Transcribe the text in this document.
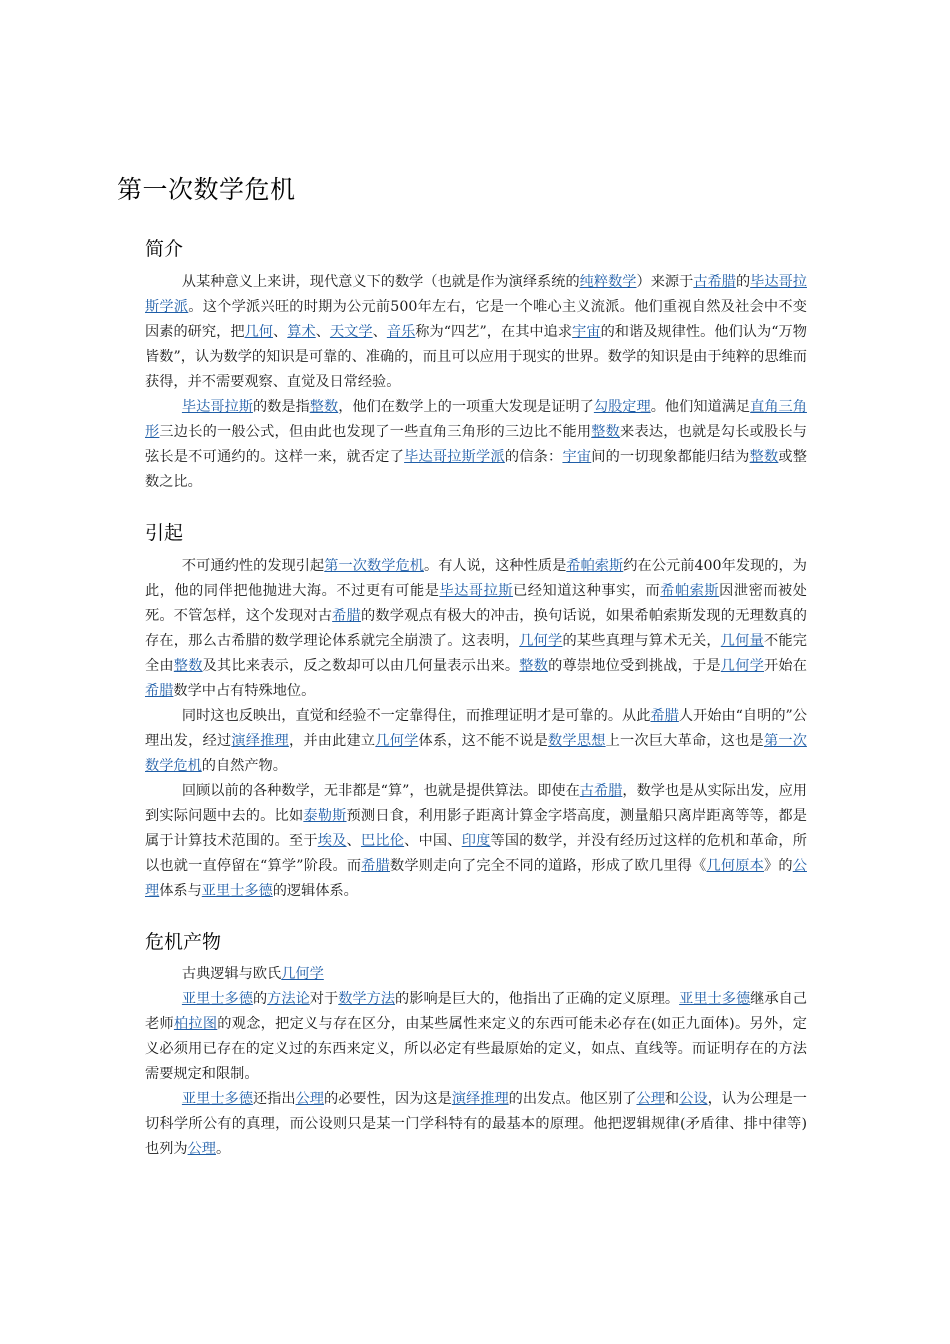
第一次数学危机
简介

从某种意义上来讲，现代意义下的数学（也就是作为演绎系统的纯粹数学）来源于古希腊的毕达哥拉斯学派。这个学派兴旺的时期为公元前500年左右，它是一个唯心主义流派。他们重视自然及社会中不变因素的研究，把几何、算术、天文学、音乐称为“四艺”，在其中追求宇宙的和谐及规律性。他们认为“万物皆数”，认为数学的知识是可靠的、准确的，而且可以应用于现实的世界。数学的知识是由于纯粹的思维而获得，并不需要观察、直觉及日常经验。

毕达哥拉斯的数是指整数，他们在数学上的一项重大发现是证明了勾股定理。他们知道满足直角三角形三边长的一般公式，但由此也发现了一些直角三角形的三边比不能用整数来表达，也就是勾长或股长与弦长是不可通约的。这样一来，就否定了毕达哥拉斯学派的信条：宇宙间的一切现象都能归结为整数或整数之比。

引起

不可通约性的发现引起第一次数学危机。有人说，这种性质是希帕索斯约在公元前400年发现的，为此，他的同伴把他抛进大海。不过更有可能是毕达哥拉斯已经知道这种事实，而希帕索斯因泄密而被处死。不管怎样，这个发现对古希腊的数学观点有极大的冲击，换句话说，如果希帕索斯发现的无理数真的存在，那么古希腊的数学理论体系就完全崩溃了。这表明，几何学的某些真理与算术无关，几何量不能完全由整数及其比来表示，反之数却可以由几何量表示出来。整数的尊崇地位受到挑战，于是几何学开始在希腊数学中占有特殊地位。

同时这也反映出，直觉和经验不一定靠得住，而推理证明才是可靠的。从此希腊人开始由“自明的”公理出发，经过演绎推理，并由此建立几何学体系，这不能不说是数学思想上一次巨大革命，这也是第一次数学危机的自然产物。

回顾以前的各种数学，无非都是“算”，也就是提供算法。即使在古希腊，数学也是从实际出发，应用到实际问题中去的。比如泰勒斯预测日食，利用影子距离计算金字塔高度，测量船只离岸距离等等，都是属于计算技术范围的。至于埃及、巴比伦、中国、印度等国的数学，并没有经历过这样的危机和革命，所以也就一直停留在“算学”阶段。而希腊数学则走向了完全不同的道路，形成了欧几里得《几何原本》的公理体系与亚里士多德的逻辑体系。

危机产物

古典逻辑与欧氏几何学

亚里士多德的方法论对于数学方法的影响是巨大的，他指出了正确的定义原理。亚里士多德继承自己老师柏拉图的观念，把定义与存在区分，由某些属性来定义的东西可能未必存在(如正九面体)。另外，定义必须用已存在的定义过的东西来定义，所以必定有些最原始的定义，如点、直线等。而证明存在的方法需要规定和限制。

亚里士多德还指出公理的必要性，因为这是演绎推理的出发点。他区别了公理和公设，认为公理是一切科学所公有的真理，而公设则只是某一门学科特有的最基本的原理。他把逻辑规律(矛盾律、排中律等)也列为公理。
